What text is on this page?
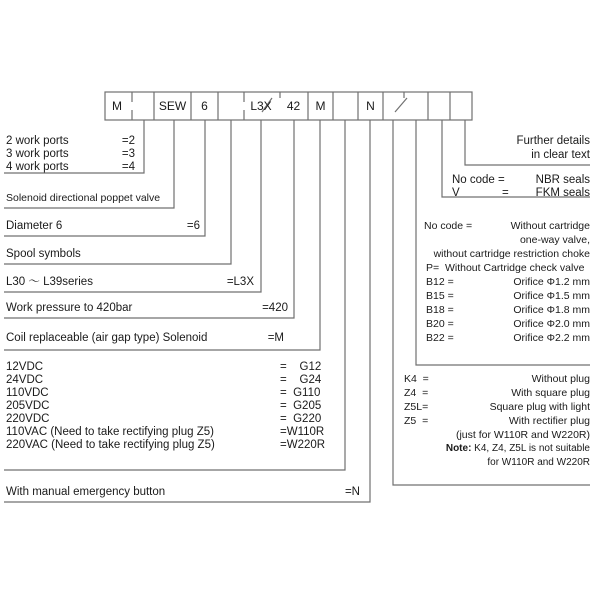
M	SEW	6	L3X	42	M	N
2 work ports	=2
3 work ports	=3
4 work ports	=4
Solenoid directional poppet valve
Diameter 6	=6
Spool symbols
L30 ～ L39series	=L3X
Work pressure to 420bar	=420
Coil replaceable (air gap type) Solenoid	=M
12VDC	=    G12
24VDC	=    G24
110VDC	=  G110
205VDC	=  G205
220VDC	=  G220
110VAC (Need to take rectifying plug Z5)	=W110R
220VAC (Need to take rectifying plug Z5)	=W220R
With manual emergency button	=N
Further details
in clear text
No code =	NBR seals
V	=	FKM seals
No code =	Without cartridge
one-way valve,
without cartridge restriction choke
P=  Without Cartridge check valve
B12 =	Orifice Φ1.2 mm
B15 =	Orifice Φ1.5 mm
B18 =	Orifice Φ1.8 mm
B20 =	Orifice Φ2.0 mm
B22 =	Orifice Φ2.2 mm
K4  =	Without plug
Z4  =	With square plug
Z5L=	Square plug with light
Z5  =	With rectifier plug
(just for W110R and W220R)
Note: K4, Z4, Z5L is not suitable
for W110R and W220R
